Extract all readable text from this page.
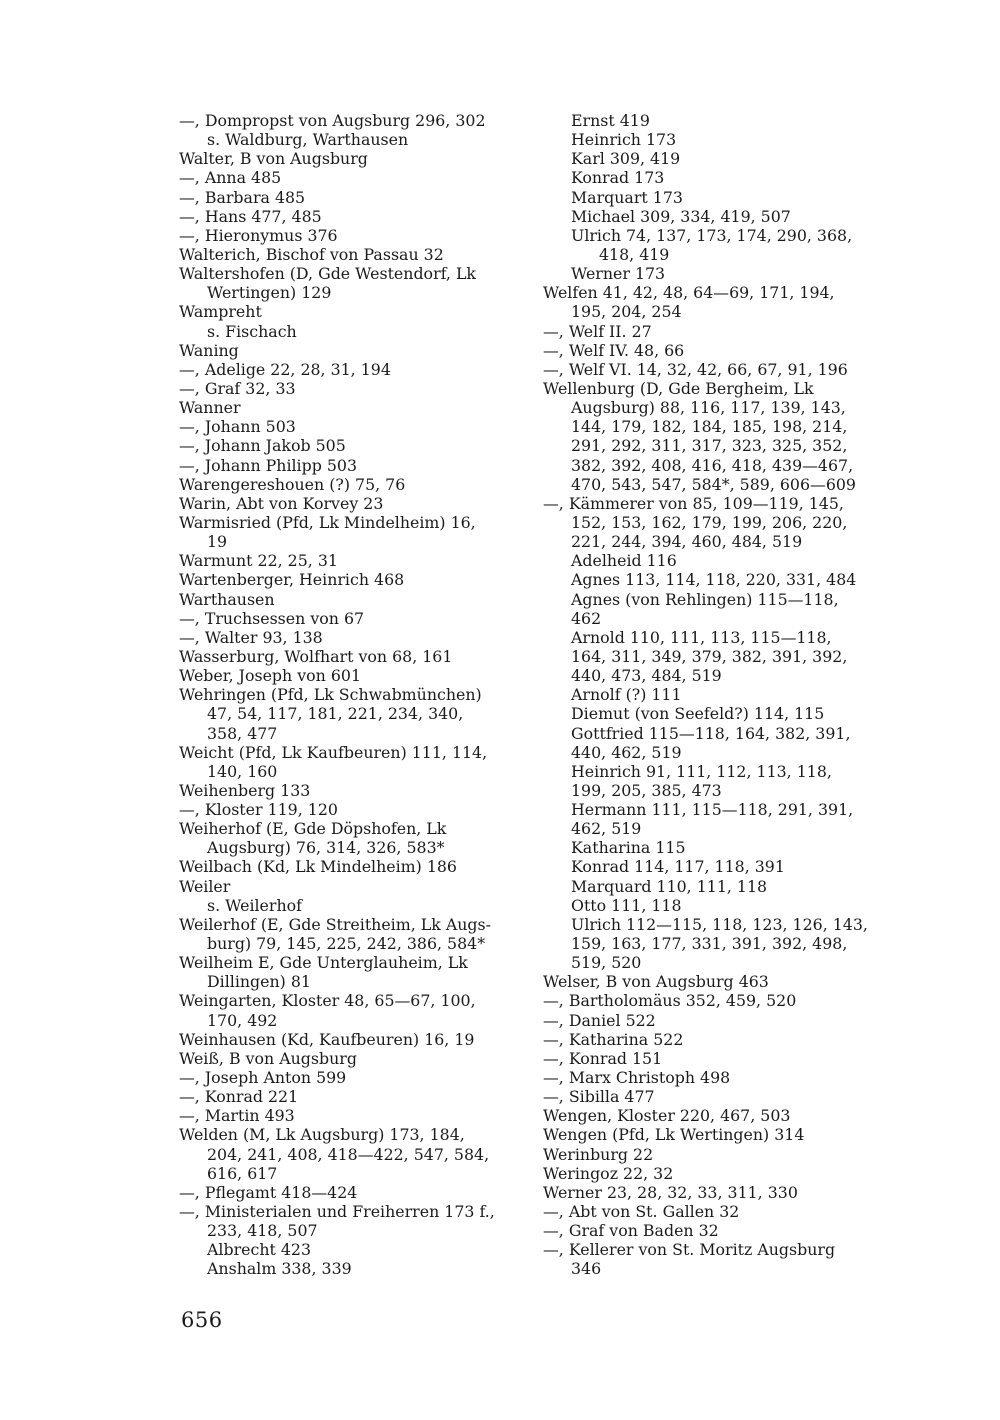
—, Dompropst von Augsburg 296, 302
s. Waldburg, Warthausen
Walter, B von Augsburg
—, Anna 485
—, Barbara 485
—, Hans 477, 485
—, Hieronymus 376
Walterich, Bischof von Passau 32
Waltershofen (D, Gde Westendorf, Lk
Wertingen) 129
Wampreht
s. Fischach
Waning
—, Adelige 22, 28, 31, 194
—, Graf 32, 33
Wanner
—, Johann 503
—, Johann Jakob 505
—, Johann Philipp 503
Warengereshouen (?) 75, 76
Warin, Abt von Korvey 23
Warmisried (Pfd, Lk Mindelheim) 16,
19
Warmunt 22, 25, 31
Wartenberger, Heinrich 468
Warthausen
—, Truchsessen von 67
—, Walter 93, 138
Wasserburg, Wolfhart von 68, 161
Weber, Joseph von 601
Wehringen (Pfd, Lk Schwabmünchen)
47, 54, 117, 181, 221, 234, 340,
358, 477
Weicht (Pfd, Lk Kaufbeuren) 111, 114,
140, 160
Weihenberg 133
—, Kloster 119, 120
Weiherhof (E, Gde Döpshofen, Lk
Augsburg) 76, 314, 326, 583*
Weilbach (Kd, Lk Mindelheim) 186
Weiler
s. Weilerhof
Weilerhof (E, Gde Streitheim, Lk Augs-
burg) 79, 145, 225, 242, 386, 584*
Weilheim E, Gde Unterglauheim, Lk
Dillingen) 81
Weingarten, Kloster 48, 65—67, 100,
170, 492
Weinhausen (Kd, Kaufbeuren) 16, 19
Weiß, B von Augsburg
—, Joseph Anton 599
—, Konrad 221
—, Martin 493
Welden (M, Lk Augsburg) 173, 184,
204, 241, 408, 418—422, 547, 584,
616, 617
—, Pflegamt 418—424
—, Ministerialen und Freiherren 173 f.,
233, 418, 507
Albrecht 423
Anshalm 338, 339
Ernst 419
Heinrich 173
Karl 309, 419
Konrad 173
Marquart 173
Michael 309, 334, 419, 507
Ulrich 74, 137, 173, 174, 290, 368,
418, 419
Werner 173
Welfen 41, 42, 48, 64—69, 171, 194,
195, 204, 254
—, Welf II. 27
—, Welf IV. 48, 66
—, Welf VI. 14, 32, 42, 66, 67, 91, 196
Wellenburg (D, Gde Bergheim, Lk
Augsburg) 88, 116, 117, 139, 143,
144, 179, 182, 184, 185, 198, 214,
291, 292, 311, 317, 323, 325, 352,
382, 392, 408, 416, 418, 439—467,
470, 543, 547, 584*, 589, 606—609
—, Kämmerer von 85, 109—119, 145,
152, 153, 162, 179, 199, 206, 220,
221, 244, 394, 460, 484, 519
Adelheid 116
Agnes 113, 114, 118, 220, 331, 484
Agnes (von Rehlingen) 115—118,
462
Arnold 110, 111, 113, 115—118,
164, 311, 349, 379, 382, 391, 392,
440, 473, 484, 519
Arnolf (?) 111
Diemut (von Seefeld?) 114, 115
Gottfried 115—118, 164, 382, 391,
440, 462, 519
Heinrich 91, 111, 112, 113, 118,
199, 205, 385, 473
Hermann 111, 115—118, 291, 391,
462, 519
Katharina 115
Konrad 114, 117, 118, 391
Marquard 110, 111, 118
Otto 111, 118
Ulrich 112—115, 118, 123, 126, 143,
159, 163, 177, 331, 391, 392, 498,
519, 520
Welser, B von Augsburg 463
—, Bartholomäus 352, 459, 520
—, Daniel 522
—, Katharina 522
—, Konrad 151
—, Marx Christoph 498
—, Sibilla 477
Wengen, Kloster 220, 467, 503
Wengen (Pfd, Lk Wertingen) 314
Werinburg 22
Weringoz 22, 32
Werner 23, 28, 32, 33, 311, 330
—, Abt von St. Gallen 32
—, Graf von Baden 32
—, Kellerer von St. Moritz Augsburg
346
656
